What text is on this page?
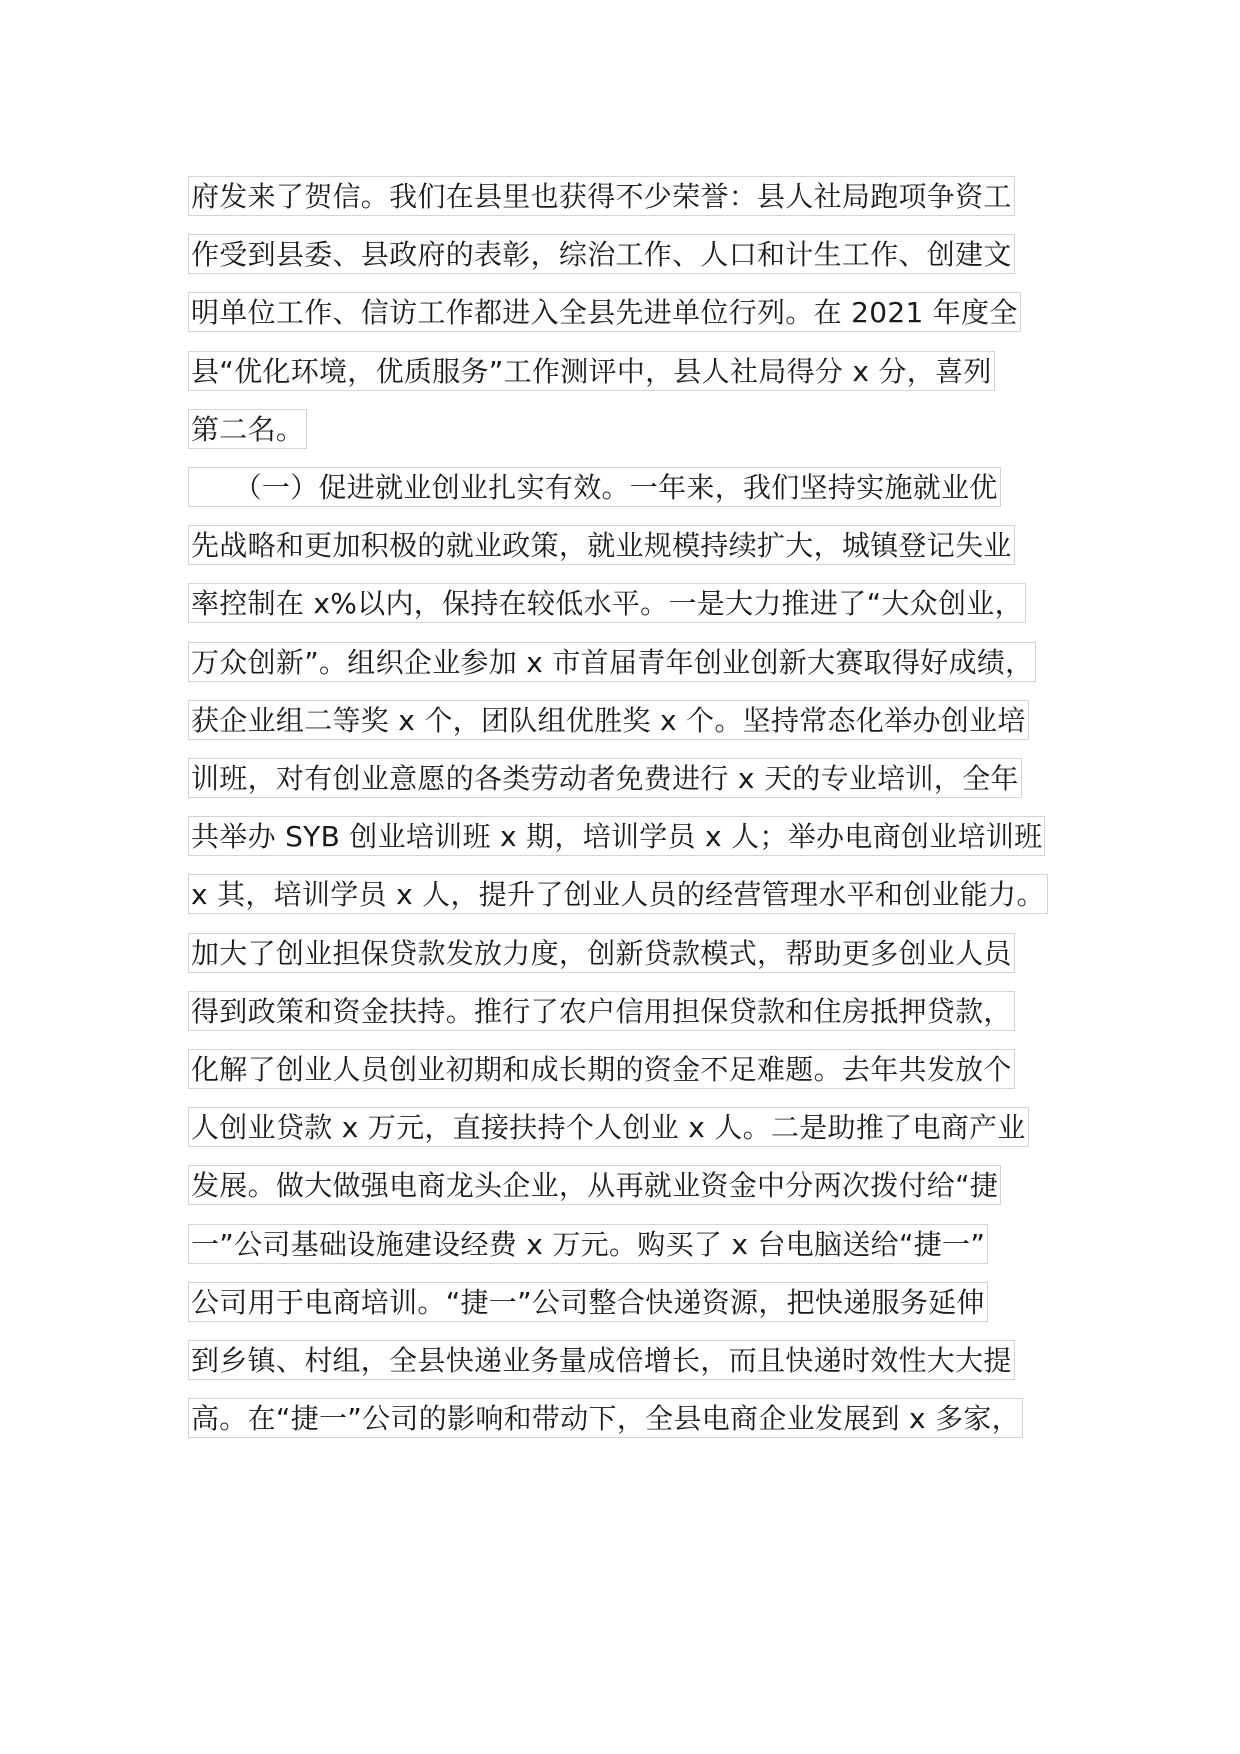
府发来了贺信。我们在县里也获得不少荣誉：县人社局跑项争资工
作受到县委、县政府的表彰，综治工作、人口和计生工作、创建文
明单位工作、信访工作都进入全县先进单位行列。在 2021 年度全
县“优化环境，优质服务”工作测评中，县人社局得分 x 分，喜列
第二名。
　　（一）促进就业创业扎实有效。一年来，我们坚持实施就业优
先战略和更加积极的就业政策，就业规模持续扩大，城镇登记失业
率控制在 x%以内，保持在较低水平。一是大力推进了“大众创业，
万众创新”。组织企业参加 x 市首届青年创业创新大赛取得好成绩，
获企业组二等奖 x 个，团队组优胜奖 x 个。坚持常态化举办创业培
训班，对有创业意愿的各类劳动者免费进行 x 天的专业培训，全年
共举办 SYB 创业培训班 x 期，培训学员 x 人；举办电商创业培训班
x 其，培训学员 x 人，提升了创业人员的经营管理水平和创业能力。
加大了创业担保贷款发放力度，创新贷款模式，帮助更多创业人员
得到政策和资金扶持。推行了农户信用担保贷款和住房抵押贷款，
化解了创业人员创业初期和成长期的资金不足难题。去年共发放个
人创业贷款 x 万元，直接扶持个人创业 x 人。二是助推了电商产业
发展。做大做强电商龙头企业，从再就业资金中分两次拨付给“捷
一”公司基础设施建设经费 x 万元。购买了 x 台电脑送给“捷一”
公司用于电商培训。“捷一”公司整合快递资源，把快递服务延伸
到乡镇、村组，全县快递业务量成倍增长，而且快递时效性大大提
高。在“捷一”公司的影响和带动下，全县电商企业发展到 x 多家，
